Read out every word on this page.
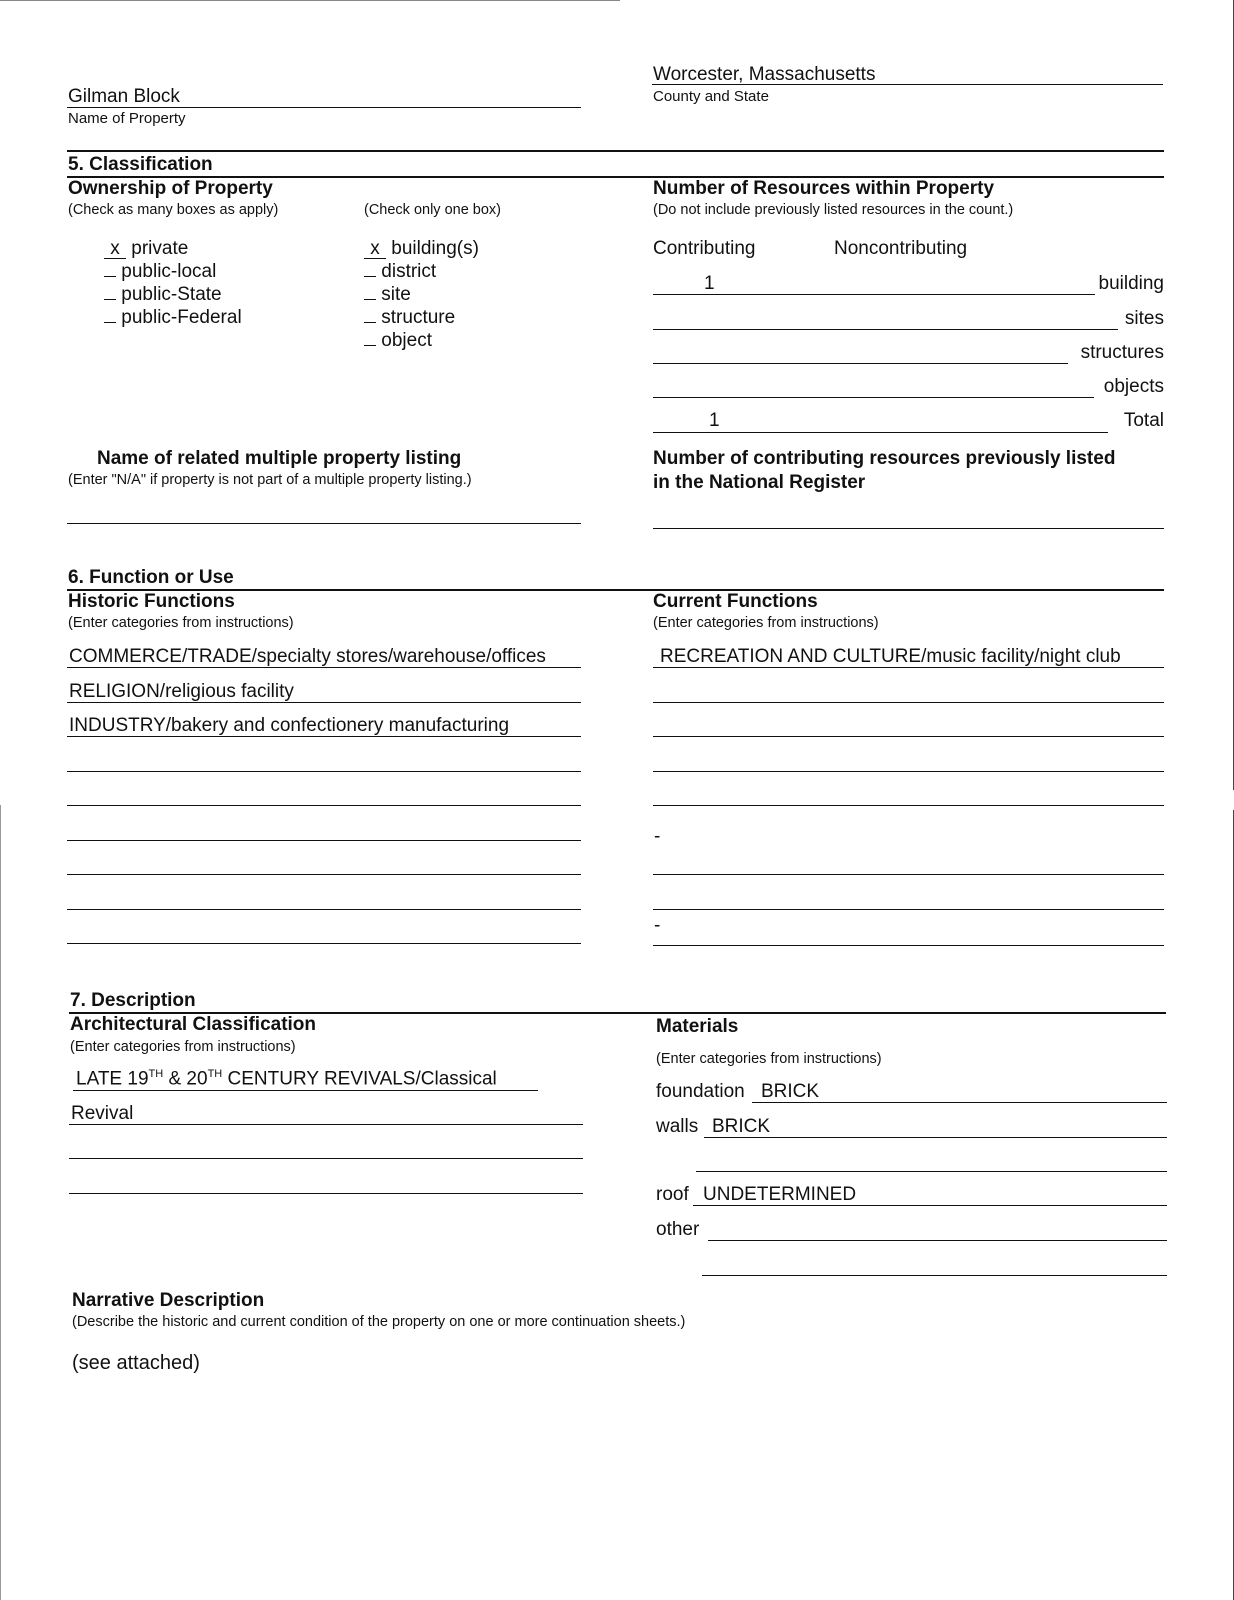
Gilman Block
Name of Property
Worcester, Massachusetts
County and State
5. Classification
Ownership of Property
(Check as many boxes as apply)	(Check only one box)
x private
public-local
public-State
public-Federal
x building(s)
district
site
structure
object
Number of Resources within Property
(Do not include previously listed resources in the count.)
Contributing	Noncontributing
1	building
sites
structures
objects
1	Total
Name of related multiple property listing
(Enter "N/A" if property is not part of a multiple property listing.)
Number of contributing resources previously listed
in the National Register
6. Function or Use
Historic Functions
(Enter categories from instructions)
Current Functions
(Enter categories from instructions)
COMMERCE/TRADE/specialty stores/warehouse/offices
RELIGION/religious facility
INDUSTRY/bakery and confectionery manufacturing
RECREATION AND CULTURE/music facility/night club
-
-
7. Description
Architectural Classification
(Enter categories from instructions)
LATE 19TH & 20TH CENTURY REVIVALS/Classical
Revival
Materials
(Enter categories from instructions)
foundation BRICK
walls BRICK
roof UNDETERMINED
other
Narrative Description
(Describe the historic and current condition of the property on one or more continuation sheets.)
(see attached)
